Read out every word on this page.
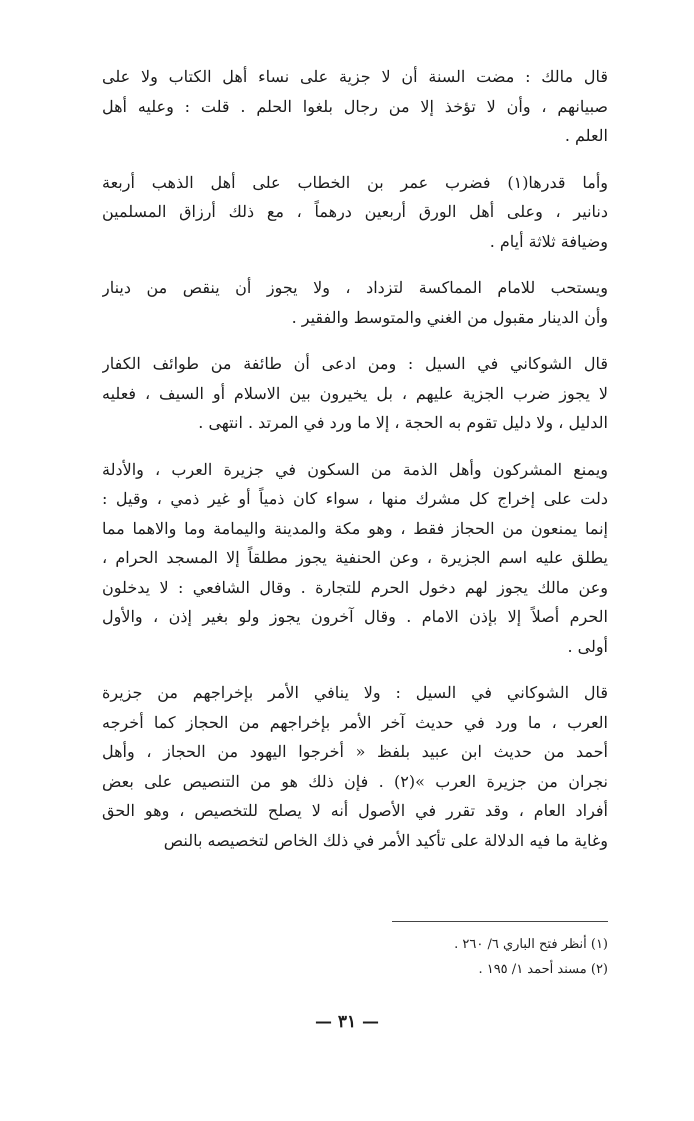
قال مالك : مضت السنة أن لا جزية على نساء أهل الكتاب ولا على
صبيانهم ، وأن لا تؤخذ إلا من رجال بلغوا الحلم . قلت : وعليه أهل
العلم .
وأما قدرها(١) فضرب عمر بن الخطاب على أهل الذهب أربعة
دنانير ، وعلى أهل الورق أربعين درهماً ، مع ذلك أرزاق المسلمين
وضيافة ثلاثة أيام .
ويستحب للامام المماكسة لتزداد ، ولا يجوز أن ينقص من دينار
وأن الدينار مقبول من الغني والمتوسط والفقير .
قال الشوكاني في السيل : ومن ادعى أن طائفة من طوائف الكفار
لا يجوز ضرب الجزية عليهم ، بل يخيرون بين الاسلام أو السيف ، فعليه
الدليل ، ولا دليل تقوم به الحجة ، إلا ما ورد في المرتد . انتهى .
ويمنع المشركون وأهل الذمة من السكون في جزيرة العرب ، والأدلة
دلت على إخراج كل مشرك منها ، سواء كان ذمياً أو غير ذمي ، وقيل :
إنما يمنعون من الحجاز فقط ، وهو مكة والمدينة واليمامة وما والاهما مما
يطلق عليه اسم الجزيرة ، وعن الحنفية يجوز مطلقاً إلا المسجد الحرام ،
وعن مالك يجوز لهم دخول الحرم للتجارة . وقال الشافعي : لا يدخلون
الحرم أصلاً إلا بإذن الامام . وقال آخرون يجوز ولو بغير إذن ، والأول
أولى .
قال الشوكاني في السيل : ولا ينافي الأمر بإخراجهم من جزيرة
العرب ، ما ورد في حديث آخر الأمر بإخراجهم من الحجاز كما أخرجه
أحمد من حديث ابن عبيد بلفظ « أخرجوا اليهود من الحجاز ، وأهل
نجران من جزيرة العرب »(٢) . فإن ذلك هو من التنصيص على بعض
أفراد العام ، وقد تقرر في الأصول أنه لا يصلح للتخصيص ، وهو الحق
وغاية ما فيه الدلالة على تأكيد الأمر في ذلك الخاص لتخصيصه بالنص
(١) أنظر فتح الباري ٦/ ٢٦٠ .
(٢) مسند أحمد ١/ ١٩٥ .
— ٣١ —
